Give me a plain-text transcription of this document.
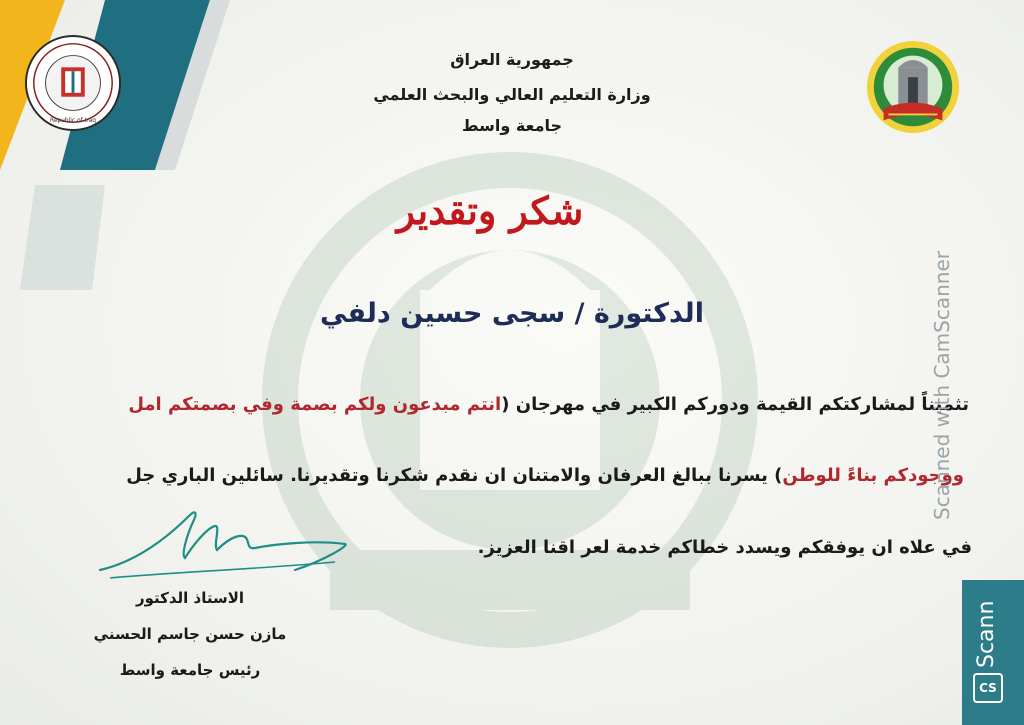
Republic of Iraq
جمهورية العراق
وزارة التعليم العالي والبحث العلمي
جامعة واسط
شكر وتقدير
الدكتورة / سجى حسين دلفي
تثميناً لمشاركتكم القيمة ودوركم الكبير في مهرجان (انتم مبدعون ولكم بصمة وفي بصمتكم امل
ووجودكم بناءً للوطن) يسرنا ببالغ العرفان والامتنان ان نقدم شكرنا وتقديرنا. سائلين الباري جل
في علاه ان يوفقكم ويسدد خطاكم خدمة لعر اقنا العزيز.
الاستاذ الدكتور
مازن حسن جاسم الحسني
رئيس جامعة واسط
Scanned with CamScanner
Scann
CS
